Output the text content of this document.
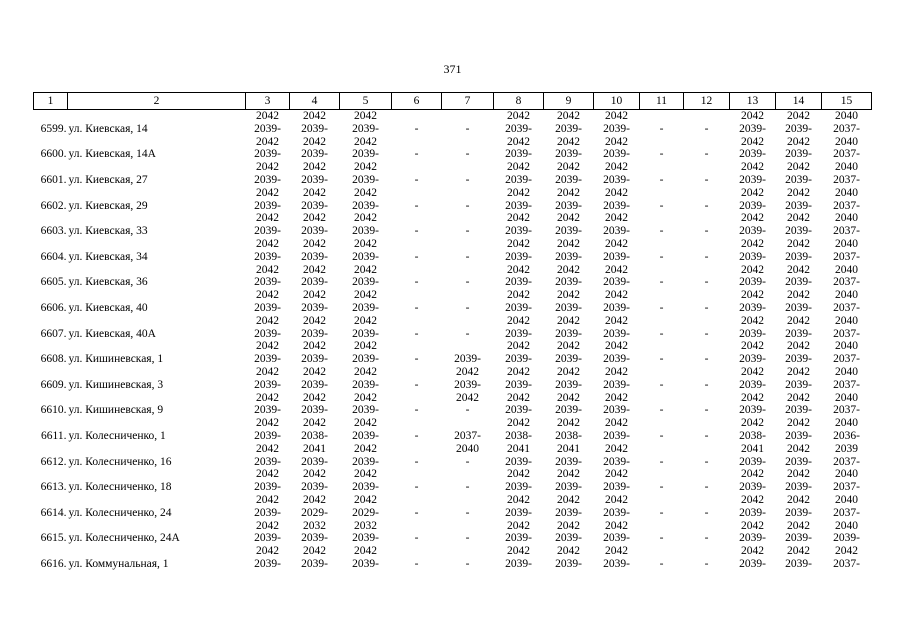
371
1	2	3	4	5	6	7	8	9	10	11	12	13	14	15
		2042	2042	2042			2042	2042	2042			2042	2042	2040
6599.	ул. Киевская, 14	2039-	2039-	2039-	-	-	2039-	2039-	2039-	-	-	2039-	2039-	2037-
		2042	2042	2042			2042	2042	2042			2042	2042	2040
6600.	ул. Киевская, 14А	2039-	2039-	2039-	-	-	2039-	2039-	2039-	-	-	2039-	2039-	2037-
		2042	2042	2042			2042	2042	2042			2042	2042	2040
6601.	ул. Киевская, 27	2039-	2039-	2039-	-	-	2039-	2039-	2039-	-	-	2039-	2039-	2037-
		2042	2042	2042			2042	2042	2042			2042	2042	2040
6602.	ул. Киевская, 29	2039-	2039-	2039-	-	-	2039-	2039-	2039-	-	-	2039-	2039-	2037-
		2042	2042	2042			2042	2042	2042			2042	2042	2040
6603.	ул. Киевская, 33	2039-	2039-	2039-	-	-	2039-	2039-	2039-	-	-	2039-	2039-	2037-
		2042	2042	2042			2042	2042	2042			2042	2042	2040
6604.	ул. Киевская, 34	2039-	2039-	2039-	-	-	2039-	2039-	2039-	-	-	2039-	2039-	2037-
		2042	2042	2042			2042	2042	2042			2042	2042	2040
6605.	ул. Киевская, 36	2039-	2039-	2039-	-	-	2039-	2039-	2039-	-	-	2039-	2039-	2037-
		2042	2042	2042			2042	2042	2042			2042	2042	2040
6606.	ул. Киевская, 40	2039-	2039-	2039-	-	-	2039-	2039-	2039-	-	-	2039-	2039-	2037-
		2042	2042	2042			2042	2042	2042			2042	2042	2040
6607.	ул. Киевская, 40А	2039-	2039-	2039-	-	-	2039-	2039-	2039-	-	-	2039-	2039-	2037-
		2042	2042	2042			2042	2042	2042			2042	2042	2040
6608.	ул. Кишиневская, 1	2039-	2039-	2039-	-	2039-	2039-	2039-	2039-	-	-	2039-	2039-	2037-
		2042	2042	2042		2042	2042	2042	2042			2042	2042	2040
6609.	ул. Кишиневская, 3	2039-	2039-	2039-	-	2039-	2039-	2039-	2039-	-	-	2039-	2039-	2037-
		2042	2042	2042		2042	2042	2042	2042			2042	2042	2040
6610.	ул. Кишиневская, 9	2039-	2039-	2039-	-	-	2039-	2039-	2039-	-	-	2039-	2039-	2037-
		2042	2042	2042			2042	2042	2042			2042	2042	2040
6611.	ул. Колесниченко, 1	2039-	2038-	2039-	-	2037-	2038-	2038-	2039-	-	-	2038-	2039-	2036-
		2042	2041	2042		2040	2041	2041	2042			2041	2042	2039
6612.	ул. Колесниченко, 16	2039-	2039-	2039-	-	-	2039-	2039-	2039-	-	-	2039-	2039-	2037-
		2042	2042	2042			2042	2042	2042			2042	2042	2040
6613.	ул. Колесниченко, 18	2039-	2039-	2039-	-	-	2039-	2039-	2039-	-	-	2039-	2039-	2037-
		2042	2042	2042			2042	2042	2042			2042	2042	2040
6614.	ул. Колесниченко, 24	2039-	2029-	2029-	-	-	2039-	2039-	2039-	-	-	2039-	2039-	2037-
		2042	2032	2032			2042	2042	2042			2042	2042	2040
6615.	ул. Колесниченко, 24А	2039-	2039-	2039-	-	-	2039-	2039-	2039-	-	-	2039-	2039-	2039-
		2042	2042	2042			2042	2042	2042			2042	2042	2042
6616.	ул. Коммунальная, 1	2039-	2039-	2039-	-	-	2039-	2039-	2039-	-	-	2039-	2039-	2037-
